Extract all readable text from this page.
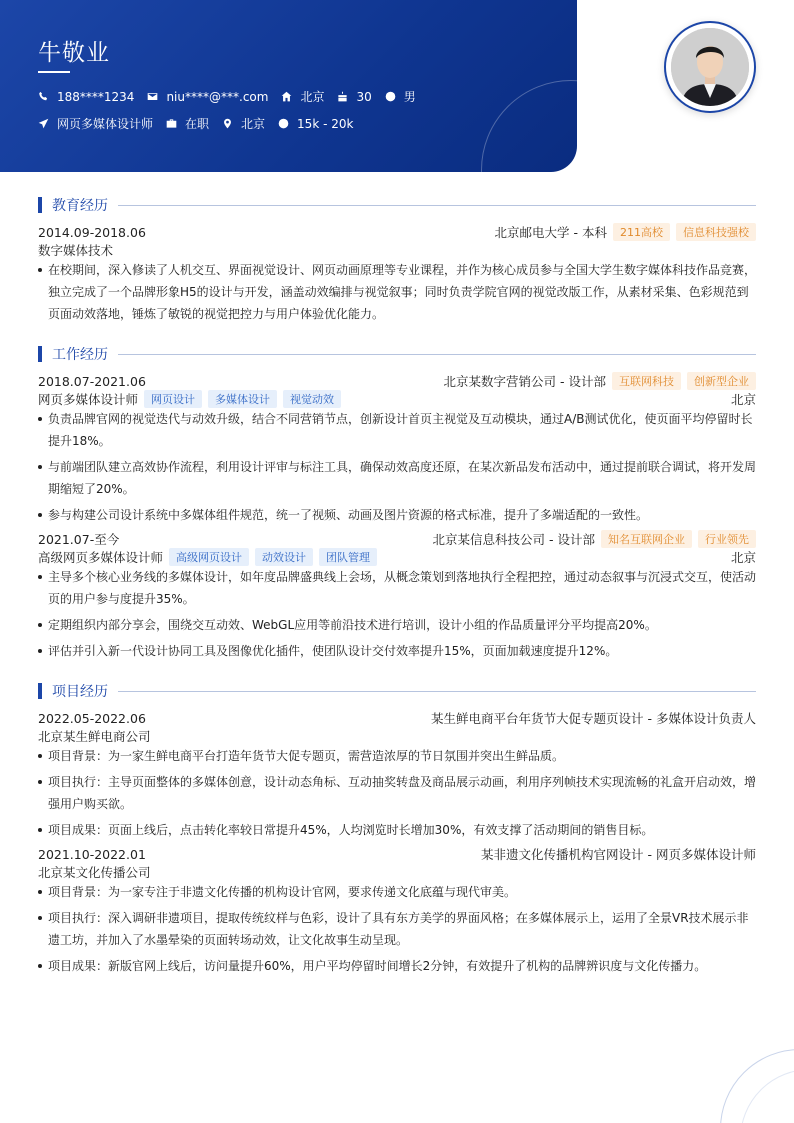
牛敬业
188****1234	niu****@***.com	北京	30	男
网页多媒体设计师	在职	北京	15k - 20k
教育经历
2014.09-2018.06	北京邮电大学 - 本科	211高校	信息科技强校
数字媒体技术
在校期间，深入修读了人机交互、界面视觉设计、网页动画原理等专业课程，并作为核心成员参与全国大学生数字媒体科技作品竞赛，独立完成了一个品牌形象H5的设计与开发，涵盖动效编排与视觉叙事；同时负责学院官网的视觉改版工作，从素材采集、色彩规范到页面动效落地，锤炼了敏锐的视觉把控力与用户体验优化能力。
工作经历
2018.07-2021.06	北京某数字营销公司 - 设计部	互联网科技	创新型企业
网页多媒体设计师	网页设计	多媒体设计	视觉动效	北京
负责品牌官网的视觉迭代与动效升级，结合不同营销节点，创新设计首页主视觉及互动模块，通过A/B测试优化，使页面平均停留时长提升18%。
与前端团队建立高效协作流程，利用设计评审与标注工具，确保动效高度还原，在某次新品发布活动中，通过提前联合调试，将开发周期缩短了20%。
参与构建公司设计系统中多媒体组件规范，统一了视频、动画及图片资源的格式标准，提升了多端适配的一致性。
2021.07-至今	北京某信息科技公司 - 设计部	知名互联网企业	行业领先
高级网页多媒体设计师	高级网页设计	动效设计	团队管理	北京
主导多个核心业务线的多媒体设计，如年度品牌盛典线上会场，从概念策划到落地执行全程把控，通过动态叙事与沉浸式交互，使活动页的用户参与度提升35%。
定期组织内部分享会，围绕交互动效、WebGL应用等前沿技术进行培训，设计小组的作品质量评分平均提高20%。
评估并引入新一代设计协同工具及图像优化插件，使团队设计交付效率提升15%，页面加载速度提升12%。
项目经历
2022.05-2022.06	某生鲜电商平台年货节大促专题页设计 - 多媒体设计负责人
北京某生鲜电商公司
项目背景：为一家生鲜电商平台打造年货节大促专题页，需营造浓厚的节日氛围并突出生鲜品质。
项目执行：主导页面整体的多媒体创意，设计动态角标、互动抽奖转盘及商品展示动画，利用序列帧技术实现流畅的礼盒开启动效，增强用户购买欲。
项目成果：页面上线后，点击转化率较日常提升45%，人均浏览时长增加30%，有效支撑了活动期间的销售目标。
2021.10-2022.01	某非遗文化传播机构官网设计 - 网页多媒体设计师
北京某文化传播公司
项目背景：为一家专注于非遗文化传播的机构设计官网，要求传递文化底蕴与现代审美。
项目执行：深入调研非遗项目，提取传统纹样与色彩，设计了具有东方美学的界面风格；在多媒体展示上，运用了全景VR技术展示非遗工坊，并加入了水墨晕染的页面转场动效，让文化故事生动呈现。
项目成果：新版官网上线后，访问量提升60%，用户平均停留时间增长2分钟，有效提升了机构的品牌辨识度与文化传播力。
